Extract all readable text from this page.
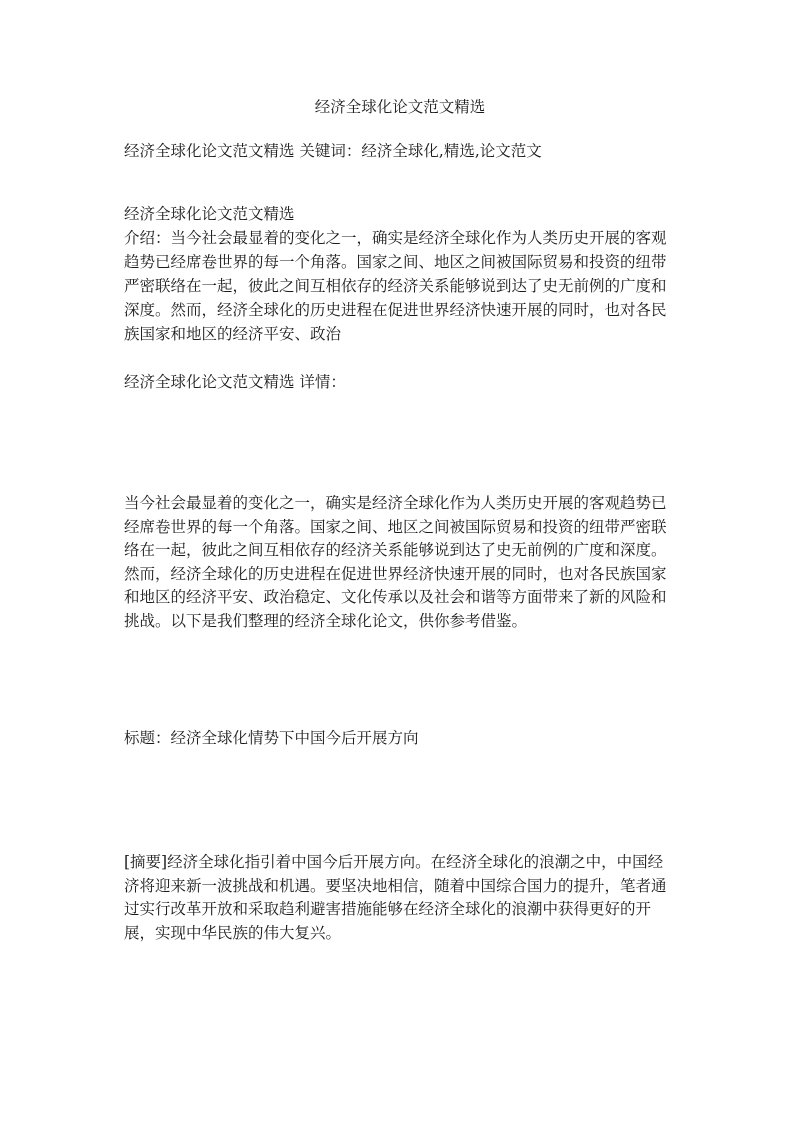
经济全球化论文范文精选

经济全球化论文范文精选 关键词：经济全球化,精选,论文范文

经济全球化论文范文精选
介绍：当今社会最显着的变化之一，确实是经济全球化作为人类历史开展的客观趋势已经席卷世界的每一个角落。国家之间、地区之间被国际贸易和投资的纽带严密联络在一起，彼此之间互相依存的经济关系能够说到达了史无前例的广度和深度。然而，经济全球化的历史进程在促进世界经济快速开展的同时，也对各民族国家和地区的经济平安、政治

经济全球化论文范文精选 详情：

当今社会最显着的变化之一，确实是经济全球化作为人类历史开展的客观趋势已经席卷世界的每一个角落。国家之间、地区之间被国际贸易和投资的纽带严密联络在一起，彼此之间互相依存的经济关系能够说到达了史无前例的广度和深度。然而，经济全球化的历史进程在促进世界经济快速开展的同时，也对各民族国家和地区的经济平安、政治稳定、文化传承以及社会和谐等方面带来了新的风险和挑战。以下是我们整理的经济全球化论文，供你参考借鉴。

标题：经济全球化情势下中国今后开展方向

[摘要]经济全球化指引着中国今后开展方向。在经济全球化的浪潮之中，中国经济将迎来新一波挑战和机遇。要坚决地相信，随着中国综合国力的提升，笔者通过实行改革开放和采取趋利避害措施能够在经济全球化的浪潮中获得更好的开展，实现中华民族的伟大复兴。
